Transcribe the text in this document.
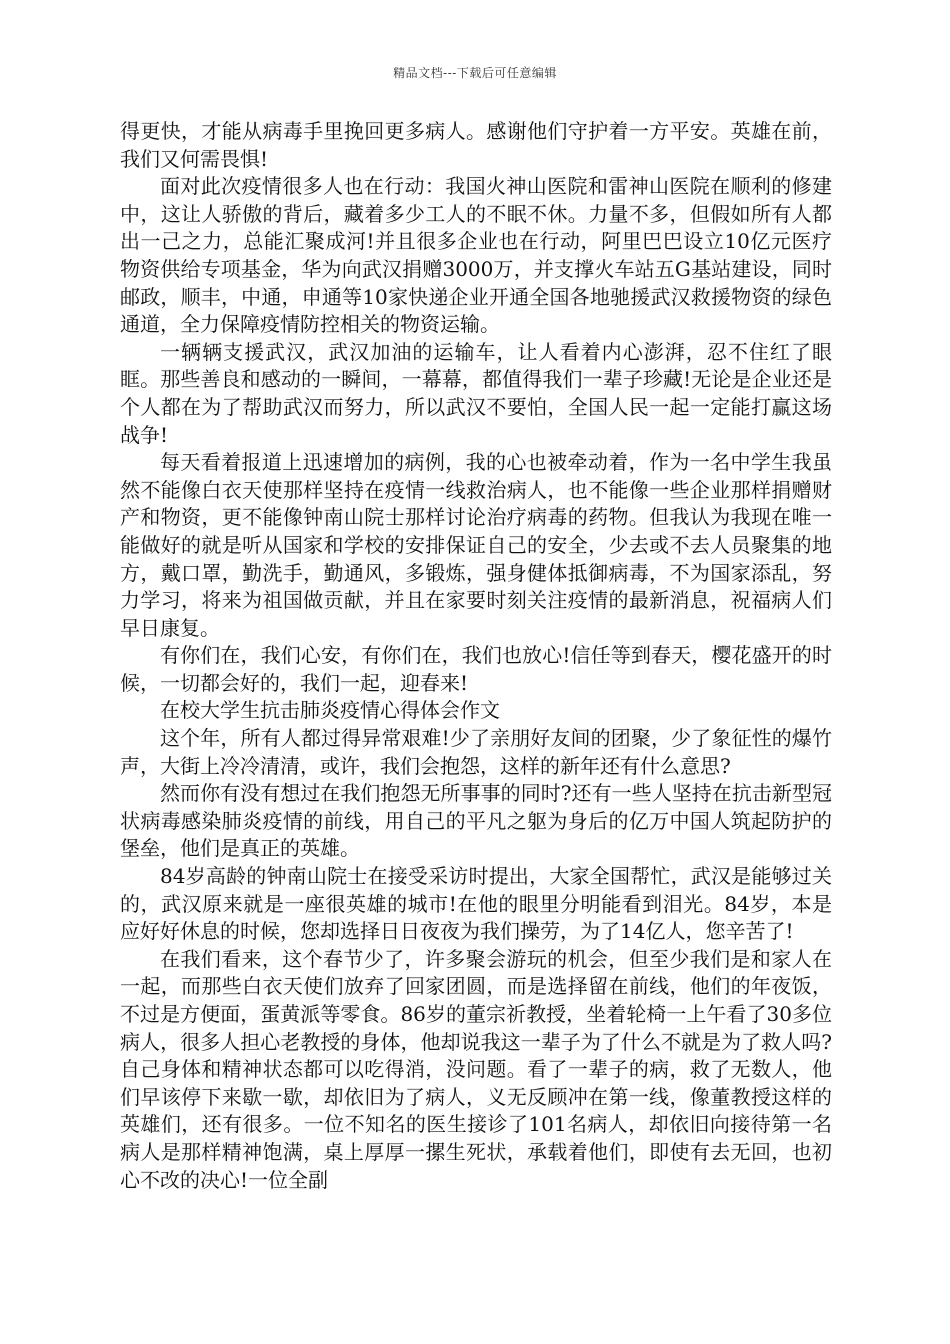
精品文档---下载后可任意编辑

得更快，才能从病毒手里挽回更多病人。感谢他们守护着一方平安。英雄在前，我们又何需畏惧!

面对此次疫情很多人也在行动：我国火神山医院和雷神山医院在顺利的修建中，这让人骄傲的背后，藏着多少工人的不眠不休。力量不多，但假如所有人都出一己之力，总能汇聚成河!并且很多企业也在行动，阿里巴巴设立10亿元医疗物资供给专项基金，华为向武汉捐赠3000万，并支撑火车站五G基站建设，同时邮政，顺丰，中通，申通等10家快递企业开通全国各地驰援武汉救援物资的绿色通道，全力保障疫情防控相关的物资运输。

一辆辆支援武汉，武汉加油的运输车，让人看着内心澎湃，忍不住红了眼眶。那些善良和感动的一瞬间，一幕幕，都值得我们一辈子珍藏!无论是企业还是个人都在为了帮助武汉而努力，所以武汉不要怕，全国人民一起一定能打赢这场战争!

每天看着报道上迅速增加的病例，我的心也被牵动着，作为一名中学生我虽然不能像白衣天使那样坚持在疫情一线救治病人，也不能像一些企业那样捐赠财产和物资，更不能像钟南山院士那样讨论治疗病毒的药物。但我认为我现在唯一能做好的就是听从国家和学校的安排保证自己的安全，少去或不去人员聚集的地方，戴口罩，勤洗手，勤通风，多锻炼，强身健体抵御病毒，不为国家添乱，努力学习，将来为祖国做贡献，并且在家要时刻关注疫情的最新消息，祝福病人们早日康复。

有你们在，我们心安，有你们在，我们也放心!信任等到春天，樱花盛开的时候，一切都会好的，我们一起，迎春来!

在校大学生抗击肺炎疫情心得体会作文

这个年，所有人都过得异常艰难!少了亲朋好友间的团聚，少了象征性的爆竹声，大街上冷冷清清，或许，我们会抱怨，这样的新年还有什么意思?

然而你有没有想过在我们抱怨无所事事的同时?还有一些人坚持在抗击新型冠状病毒感染肺炎疫情的前线，用自己的平凡之躯为身后的亿万中国人筑起防护的堡垒，他们是真正的英雄。

84岁高龄的钟南山院士在接受采访时提出，大家全国帮忙，武汉是能够过关的，武汉原来就是一座很英雄的城市!在他的眼里分明能看到泪光。84岁，本是应好好休息的时候，您却选择日日夜夜为我们操劳，为了14亿人，您辛苦了!

在我们看来，这个春节少了，许多聚会游玩的机会，但至少我们是和家人在一起，而那些白衣天使们放弃了回家团圆，而是选择留在前线，他们的年夜饭，不过是方便面，蛋黄派等零食。86岁的董宗祈教授，坐着轮椅一上午看了30多位病人，很多人担心老教授的身体，他却说我这一辈子为了什么不就是为了救人吗?自己身体和精神状态都可以吃得消，没问题。看了一辈子的病，救了无数人，他们早该停下来歇一歇，却依旧为了病人，义无反顾冲在第一线，像董教授这样的英雄们，还有很多。一位不知名的医生接诊了101名病人，却依旧向接待第一名病人是那样精神饱满，桌上厚厚一摞生死状，承载着他们，即使有去无回，也初心不改的决心!一位全副
